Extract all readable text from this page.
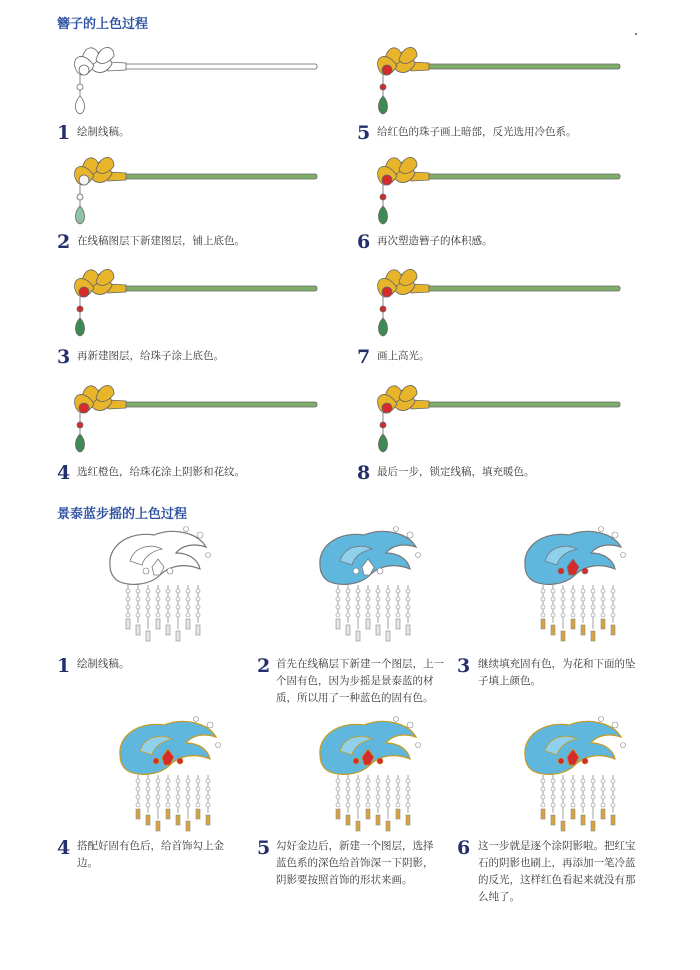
簪子的上色过程
景泰蓝步摇的上色过程
1 绘制线稿。
2 在线稿图层下新建图层，铺上底色。
3 再新建图层，给珠子涂上底色。
4 选红橙色，给珠花涂上阴影和花纹。
5 给红色的珠子画上暗部，反光选用冷色系。
6 再次塑造簪子的体积感。
7 画上高光。
8 最后一步，锁定线稿，填充暖色。
1 绘制线稿。	2 首先在线稿层下新建一个图层，上一个固有色，因为步摇是景泰蓝的材质，所以用了一种蓝色的固有色。
3 继续填充固有色，为花和下面的坠子填上颜色。
4 搭配好固有色后，给首饰勾上金边。
5 勾好金边后，新建一个图层，选择蓝色系的深色给首饰深一下阴影，阴影要按照首饰的形状来画。
6 这一步就是逐个涂阴影啦。把红宝石的阴影也刷上，再添加一笔冷蓝的反光，这样红色看起来就没有那么纯了。
